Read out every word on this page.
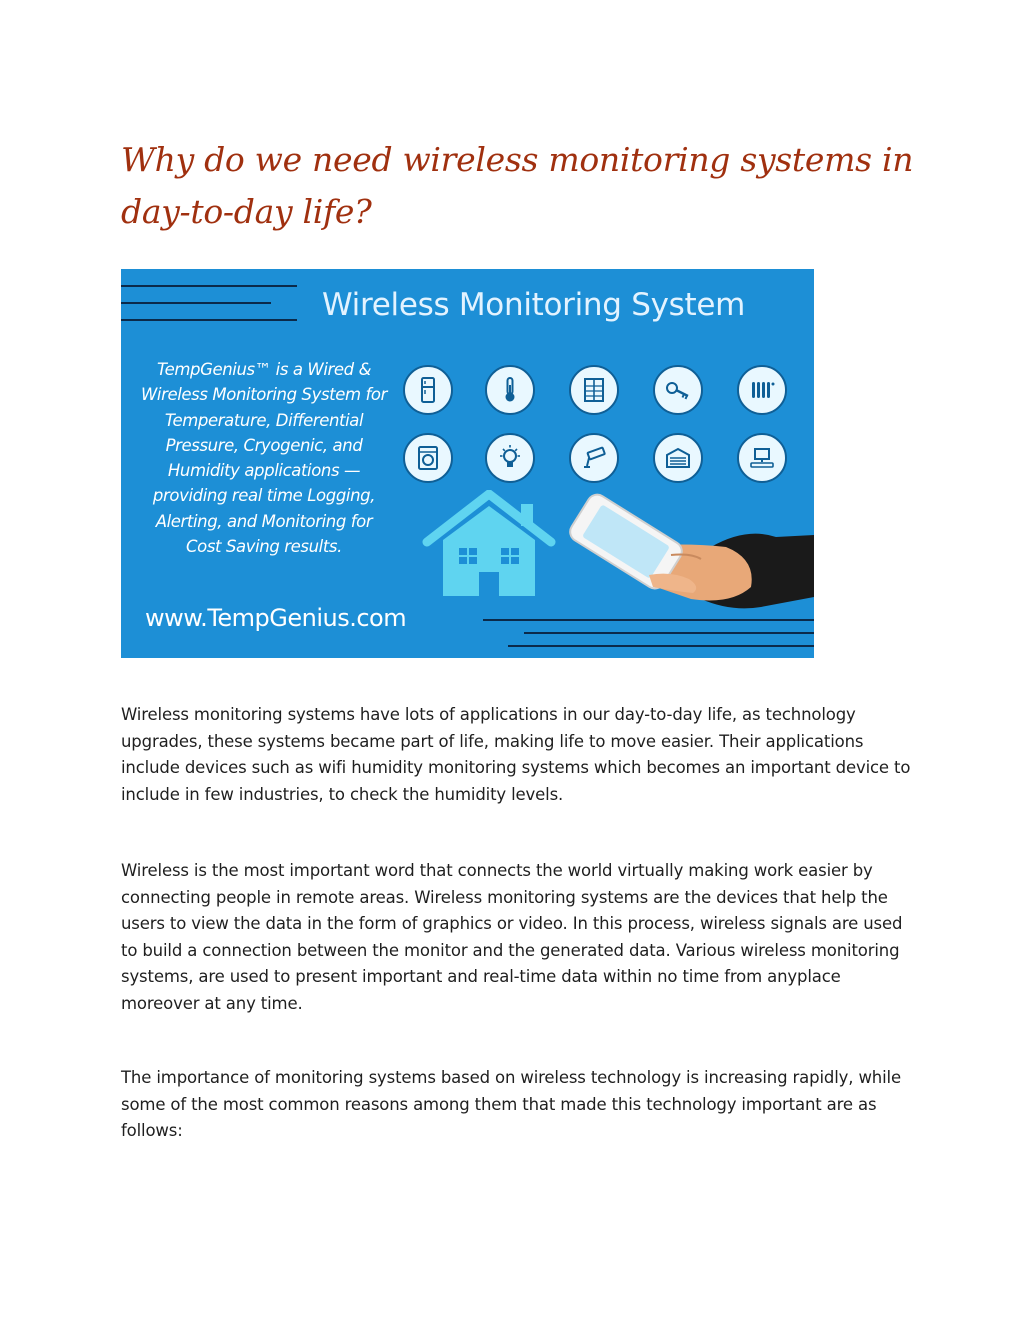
Why do we need wireless monitoring systems in day-to-day life?
Wireless Monitoring System
TempGenius™ is a Wired & Wireless Monitoring System for Temperature, Differential Pressure, Cryogenic, and Humidity applications — providing real time Logging, Alerting, and Monitoring for Cost Saving results.
www.TempGenius.com

Wireless monitoring systems have lots of applications in our day-to-day life, as technology upgrades, these systems became part of life, making life to move easier. Their applications include devices such as wifi humidity monitoring systems which becomes an important device to include in few industries, to check the humidity levels.

Wireless is the most important word that connects the world virtually making work easier by connecting people in remote areas. Wireless monitoring systems are the devices that help the users to view the data in the form of graphics or video. In this process, wireless signals are used to build a connection between the monitor and the generated data. Various wireless monitoring systems, are used to present important and real-time data within no time from anyplace moreover at any time.

The importance of monitoring systems based on wireless technology is increasing rapidly, while some of the most common reasons among them that made this technology important are as follows:
